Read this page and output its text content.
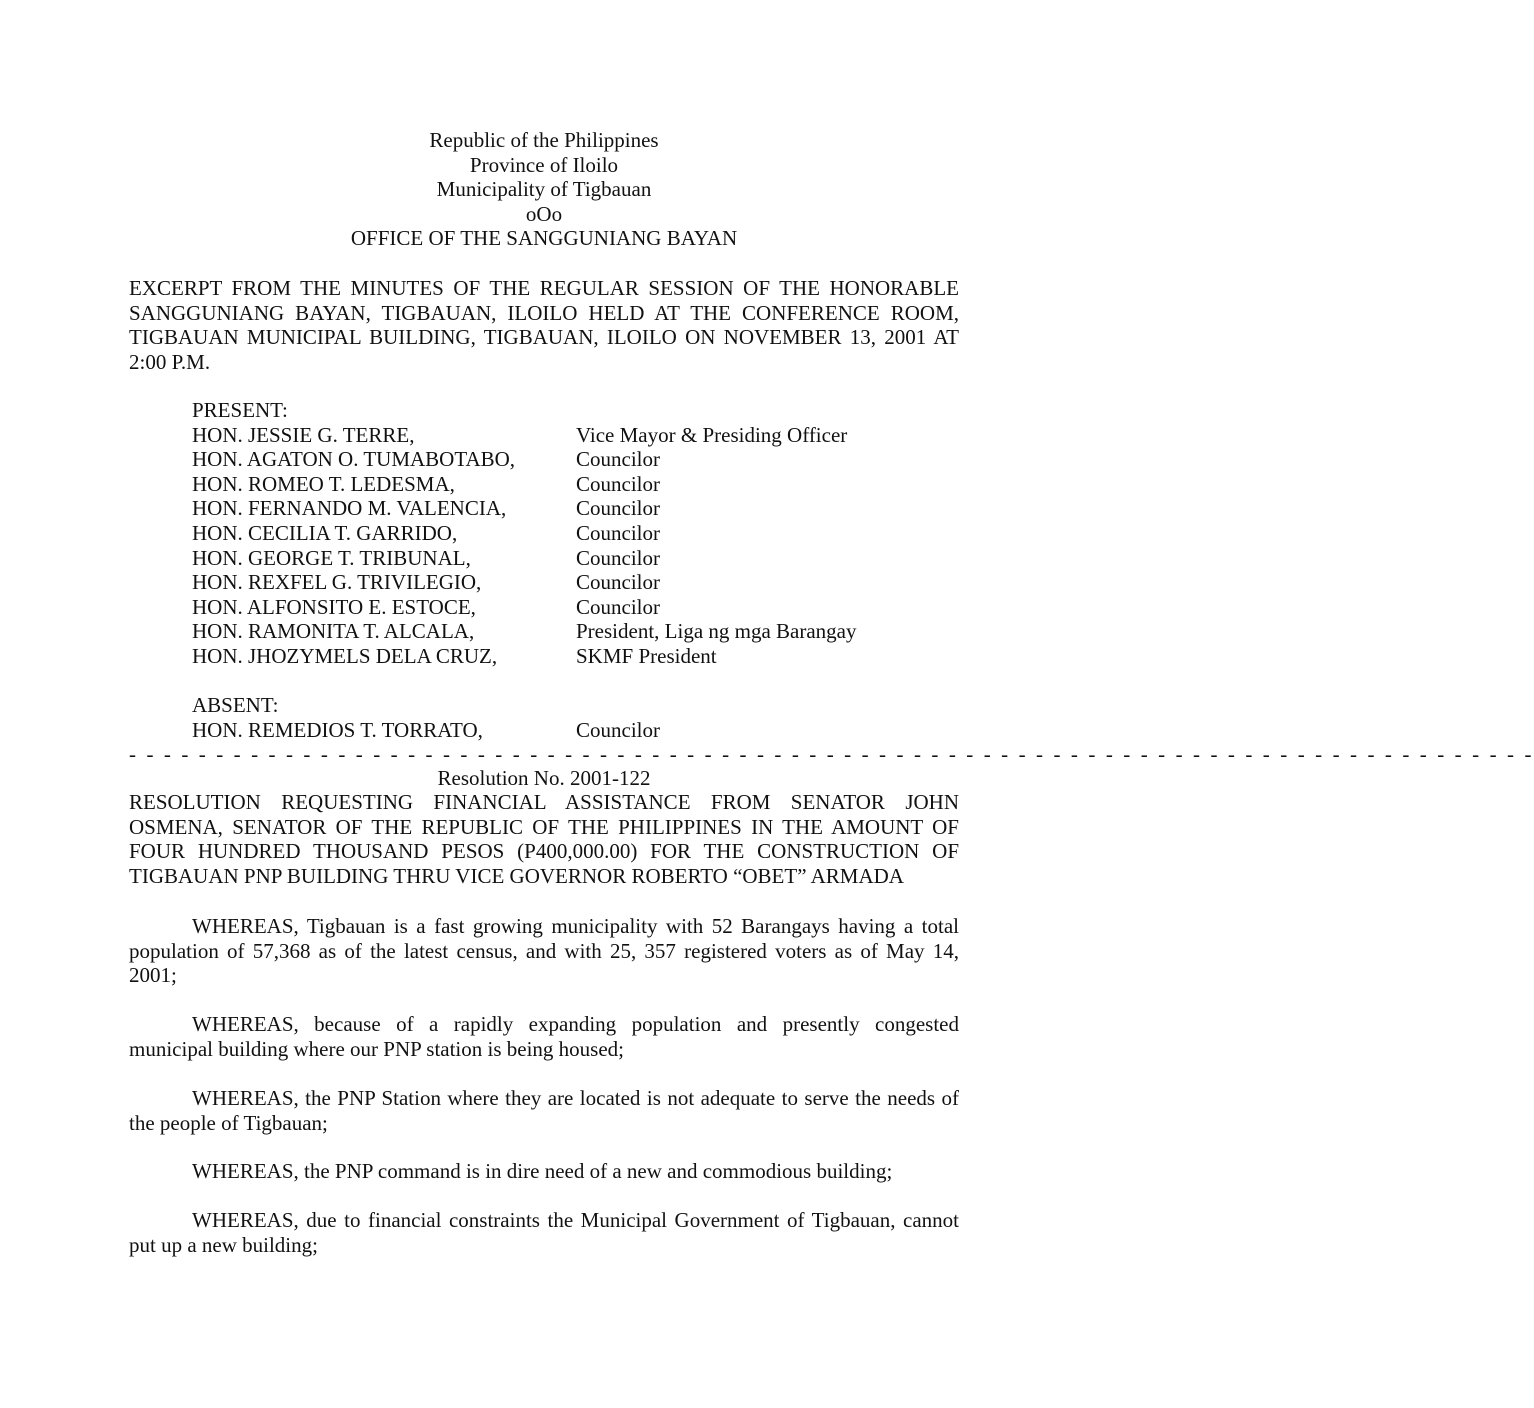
Republic of the Philippines
Province of Iloilo
Municipality of Tigbauan
oOo
OFFICE OF THE SANGGUNIANG BAYAN
EXCERPT FROM THE MINUTES OF THE REGULAR SESSION OF THE HONORABLE
SANGGUNIANG BAYAN, TIGBAUAN, ILOILO HELD AT THE CONFERENCE ROOM,
TIGBAUAN MUNICIPAL BUILDING, TIGBAUAN, ILOILO ON NOVEMBER 13, 2001 AT
2:00 P.M.
PRESENT:
HON. JESSIE G. TERRE,	Vice Mayor & Presiding Officer
HON. AGATON O. TUMABOTABO,	Councilor
HON. ROMEO T. LEDESMA,	Councilor
HON. FERNANDO M. VALENCIA,	Councilor
HON. CECILIA T. GARRIDO,	Councilor
HON. GEORGE T. TRIBUNAL,	Councilor
HON. REXFEL G. TRIVILEGIO,	Councilor
HON. ALFONSITO E. ESTOCE,	Councilor
HON. RAMONITA T. ALCALA,	President, Liga ng mga Barangay
HON. JHOZYMELS DELA CRUZ,	SKMF President
ABSENT:
HON. REMEDIOS T. TORRATO,	Councilor
- - - - - - - - - - - - - - - - - - - - - - - - - - - - - - - - - - - - - - - - - - - - - - - - - - - - - - - - - - - - - - - - - - - - - - - - - - - - - - - - -
Resolution No. 2001-122
RESOLUTION REQUESTING FINANCIAL ASSISTANCE FROM SENATOR JOHN
OSMENA, SENATOR OF THE REPUBLIC OF THE PHILIPPINES IN THE AMOUNT OF
FOUR HUNDRED THOUSAND PESOS (P400,000.00) FOR THE CONSTRUCTION OF
TIGBAUAN PNP BUILDING THRU VICE GOVERNOR ROBERTO “OBET” ARMADA
WHEREAS, Tigbauan is a fast growing municipality with 52 Barangays having a total
population of 57,368 as of the latest census, and with 25, 357 registered voters as of May 14,
2001;
WHEREAS, because of a rapidly expanding population and presently congested
municipal building where our PNP station is being housed;
WHEREAS, the PNP Station where they are located is not adequate to serve the needs of
the people of Tigbauan;
WHEREAS, the PNP command is in dire need of a new and commodious building;
WHEREAS, due to financial constraints the Municipal Government of Tigbauan, cannot
put up a new building;
